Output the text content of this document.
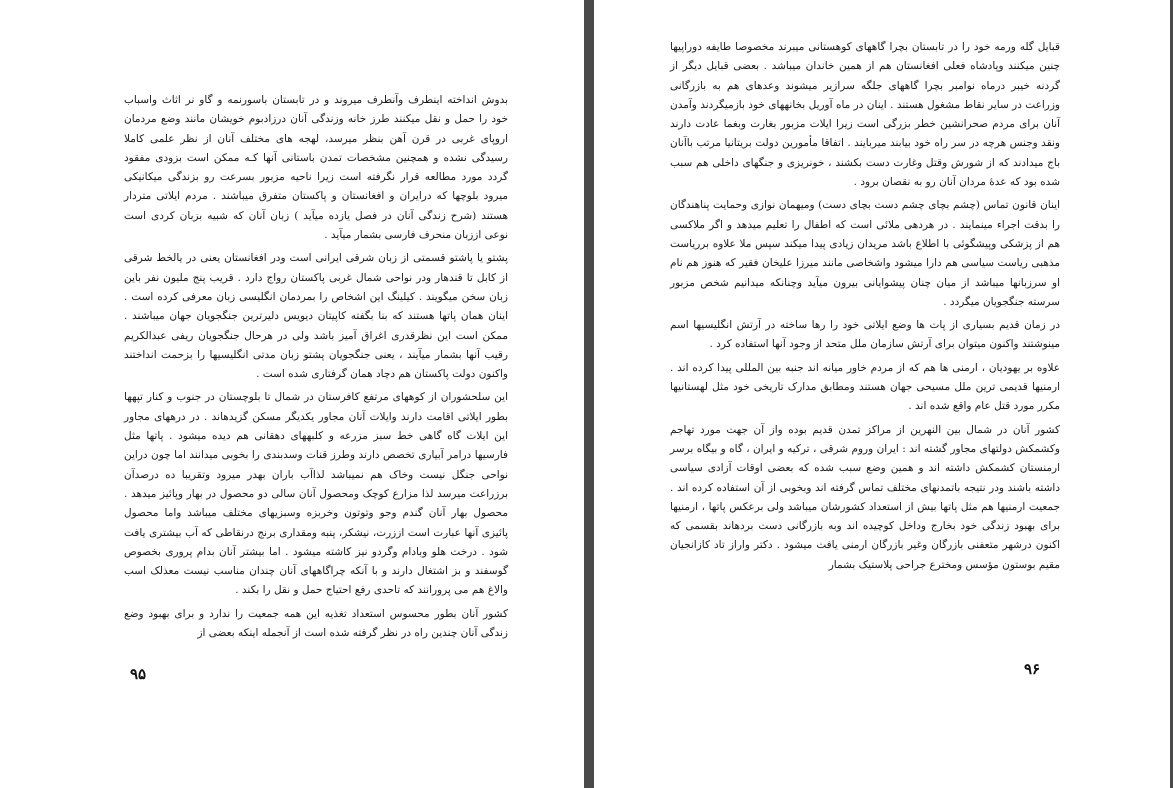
بدوش انداخته اینطرف وآنطرف میروند و در تابستان باسورنمه و گاو نر اثاث واسباب خود را حمل و نقل میکنند طرز خانه وزندگی آنان درزادبوم خویشان مانند وضع مردمان اروپای غربی در قرن آهن بنظر میرسد، لهجه های مختلف آنان از نظر علمی کاملا رسیدگی نشده و همچنین مشخصات تمدن باستانی آنها کـه ممکن است بزودی مفقود گردد مورد مطالعه قرار نگرفته است زیرا ناحیه مزبور بسرعت رو بزندگی میکانیکی میرود بلوچها که درایران و افغانستان و پاکستان متفرق میباشند . مردم ایلاتی متردار هستند (شرح زندگی آنان در فصل یازده میآید ) زبان آنان که شبیه بزبان کردی است نوعی اززبان منحرف فارسی بشمار میآید .

پشتو یا پاشتو قسمتی از زبان شرقی ایرانی است ودر افغانستان یعنی در یالخط شرقی از کابل تا قندهار ودر نواحی شمال غربی پاکستان رواج دارد . قریب پنج ملیون نفر باین زبان سخن میگویند . کیلینگ این اشخاص را بمردمان انگلیسی زبان معرفی کرده است . اینان همان پاتها هستند که بنا بگفته کاپیتان دیویس دلیرترین جنگجویان جهان میباشند . ممکن است این نظرقدری اغراق آمیز باشد ولی در هرحال جنگجویان ریفی عبدالکریم رقیب آنها بشمار میآیند ، یعنی جنگجویان پشتو زبان مدتی انگلیسیها را بزحمت انداختند واکنون دولت پاکستان هم دچاد همان گرفتاری شده است .

این سلحشوران از کوههای مرتفع کافرستان در شمال تا بلوچستان در جنوب و کنار تپهها بطور ایلاتی اقامت دارند وایلات آنان مجاور یکدیگر مسکن گزیدهاند . در درههای مجاور این ایلات گاه گاهی خط سبز مزرعه و کلبههای دهقانی هم دیده میشود . پاتها مثل فارسیها درامر آبیاری تخصص دارند وطرز قنات وسدبندی را بخوبی میدانند اما چون دراین نواحی جنگل نیست وخاک هم نمیباشد لذاآب باران بهدر میرود وتقریبا ده درصدآن برزراعت میرسد لذا مزارع کوچک ومحصول آنان سالی دو محصول در بهار وپائیز میدهد . محصول بهار آنان گندم وجو وتوتون وخربزه وسبزیهای مختلف میباشد واما محصول پائیزی آنها عبارت است اززرت، نیشکر، پنبه ومقداری برنج درنقاطی که آب بیشتری یافت شود . درخت هلو وبادام وگردو نیز کاشته میشود . اما بیشتر آنان بدام پروری بخصوص گوسفند و بز اشتغال دارند و با آنکه چراگاههای آنان چندان مناسب نیست معذلک اسب والاغ هم می پرورانند که تاحدی رفع احتیاج حمل و نقل را بکند .

کشور آنان بطور محسوس استعداد تغذیه این همه جمعیت را ندارد و برای بهبود وضع زندگی آنان چندین راه در نظر گرفته شده است از آنجمله اینکه بعضی از

۹۵

قبایل گله ورمه خود را در تابستان بچرا گاههای کوهستانی میبرند مخصوصا طایفه دوراپیها چنین میکنند وپادشاه فعلی افغانستان هم از همین خاندان میباشد . بعضی قبایل دیگر از گردنه خیبر درماه نوامبر بچرا گاههای جلگه سرازیر میشوند وعدهای هم به بازرگانی وزراعت در سایر نقاط مشغول هستند . اینان در ماه آوریل بخانههای خود بازمیگردند وآمدن آنان برای مردم صحرانشین خطر بزرگی است زیرا ایلات مزبور بغارت وبغما عادت دارند ونقد وجنس هرچه در سر راه خود بیابند میربایند . اتفاقا مأمورین دولت بریتانیا مرتب باآنان باج میدادند که از شورش وقتل وغارت دست بکشند ، خونریزی و جنگهای داخلی هم سبب شده بود که عدهٔ مردان آنان رو به نقصان برود .

اینان قانون تماس (چشم بچای چشم دست بچای دست) ومیهمان نوازی وحمایت پناهندگان را بدقت اجراء مینمایند . در هردهی ملائی است که اطفال را تعلیم میدهد و اگر ملاکسی هم از پزشکی وپیشگوئی با اطلاع باشد مریدان زیادی پیدا میکند سپس ملا علاوه برریاست مذهبی ریاست سیاسی هم دارا میشود واشخاصی مانند میرزا علیخان فقیر که هنوز هم نام او سرزبانها میباشد از میان چنان پیشوایانی بیرون میآید وچنانکه میدانیم شخص مزبور سرسته جنگجویان میگردد .

در زمان قدیم بسیاری از پات ها وضع ایلاتی خود را رها ساخته در آرتش انگلیسیها اسم مینوشتند واکنون میتوان برای آرتش سازمان ملل متحد از وجود آنها استفاده کرد .

علاوه بر یهودیان ، ارمنی ها هم که از مردم خاور میانه اند جنبه بین المللی پیدا کرده اند . ارمنیها قدیمی ترین ملل مسیحی جهان هستند ومطابق مدارک تاریخی خود مثل لهستانیها مکرر مورد قتل عام واقع شده اند .

کشور آنان در شمال بین النهرین از مراکز تمدن قدیم بوده واز آن جهت مورد تهاجم وکشمکش دولتهای مجاور گشته اند : ایران وروم شرقی ، ترکیه و ایران ، گاه و بیگاه برسر ارمنستان کشمکش داشته اند و همین وضع سبب شده که بعضی اوقات آزادی سیاسی داشته باشند ودر نتیجه باتمدنهای مختلف تماس گرفته اند وبخوبی از آن استفاده کرده اند . جمعیت ارمنیها هم مثل پاتها بیش از استعداد کشورشان میباشد ولی برعکس پاتها ، ارمنیها برای بهبود زندگی خود بخارج وداخل کوچیده اند وبه بازرگانی دست بردهاند بقسمی که اکنون درشهر متعفنی بازرگان وغیر بازرگان ارمنی یافت میشود . دکتر واراز تاد کازانجیان مقیم بوستون مؤسس ومخترع جراحی پلاستیک بشمار

۹۶
